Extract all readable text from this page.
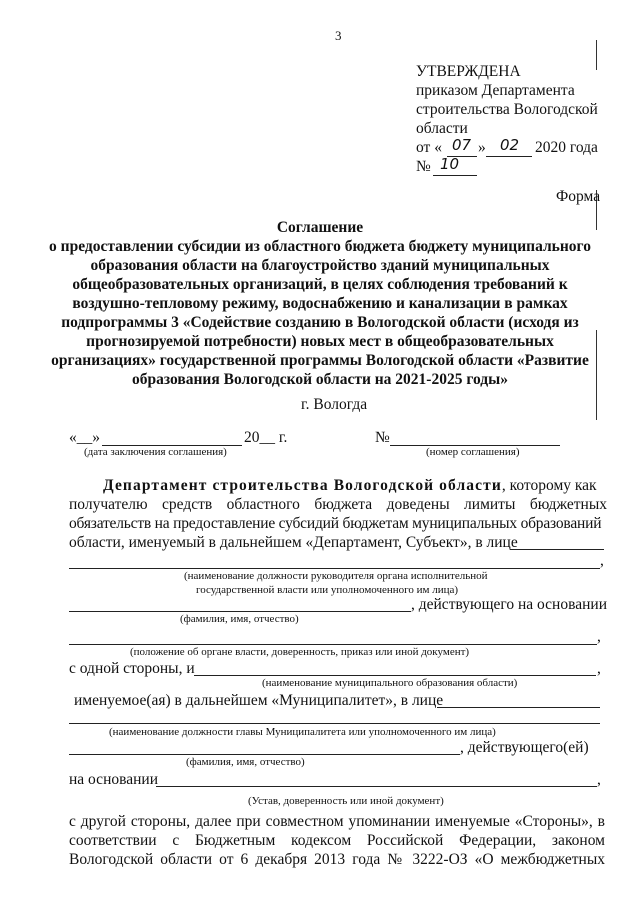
3
УТВЕРЖДЕНА
приказом Департамента
строительства Вологодской
области
от « 07 » 02 2020 года
№ 10
Форма
Соглашение
о предоставлении субсидии из областного бюджета бюджету муниципального
образования области на благоустройство зданий муниципальных
общеобразовательных организаций, в целях соблюдения требований к
воздушно-тепловому режиму, водоснабжению и канализации в рамках
подпрограммы 3 «Содействие созданию в Вологодской области (исходя из
прогнозируемой потребности) новых мест в общеобразовательных
организациях» государственной программы Вологодской области «Развитие
образования Вологодской области на 2021-2025 годы»
г. Вологда
«__»	20__ г.	№
(дата заключения соглашения)	(номер соглашения)
Департамент строительства Вологодской области, которому как
получателю средств областного бюджета доведены лимиты бюджетных
обязательств на предоставление субсидий бюджетам муниципальных образований
области, именуемый в дальнейшем «Департамент, Субъект», в лице
,
(наименование должности руководителя органа исполнительной
государственной власти или уполномоченного им лица)
, действующего на основании
(фамилия, имя, отчество)
,
(положение об органе власти, доверенность, приказ или иной документ)
с одной стороны, и	,
(наименование муниципального образования области)
именуемое(ая) в дальнейшем «Муниципалитет», в лице
(наименование должности главы Муниципалитета или уполномоченного им лица)
, действующего(ей)
(фамилия, имя, отчество)
на основании	,
(Устав, доверенность или иной документ)
с другой стороны, далее при совместном упоминании именуемые «Стороны», в
соответствии с Бюджетным кодексом Российской Федерации, законом
Вологодской области от 6 декабря 2013 года № 3222-ОЗ «О межбюджетных
